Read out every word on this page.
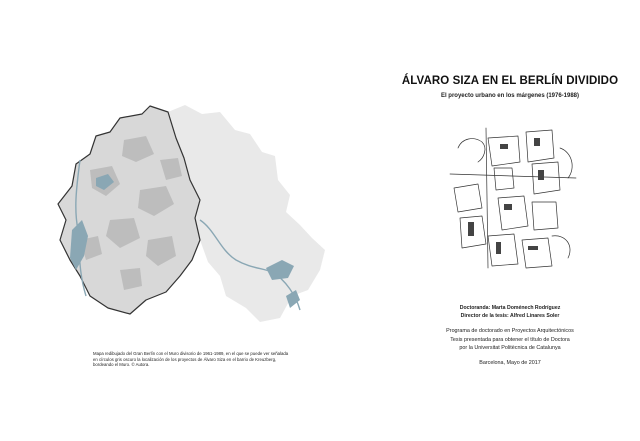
Mapa redibujado del Gran Berlín con el Muro divisorio de 1961-1989, en el que se puede ver señalada en círculos gris oscuro la localización de los proyectos de Álvaro Siza en el barrio de Kreuzberg, bordeando el Muro. © Autora.
ÁLVARO SIZA EN EL BERLÍN DIVIDIDO
El proyecto urbano en los márgenes (1976-1988)
Doctoranda: Marta Doménech Rodríguez
Director de la tesis: Alfred Linares Soler
Programa de doctorado en Proyectos Arquitectónicos
Tesis presentada para obtener el título de Doctora
por la Universitat Politècnica de Catalunya
Barcelona, Mayo de 2017
